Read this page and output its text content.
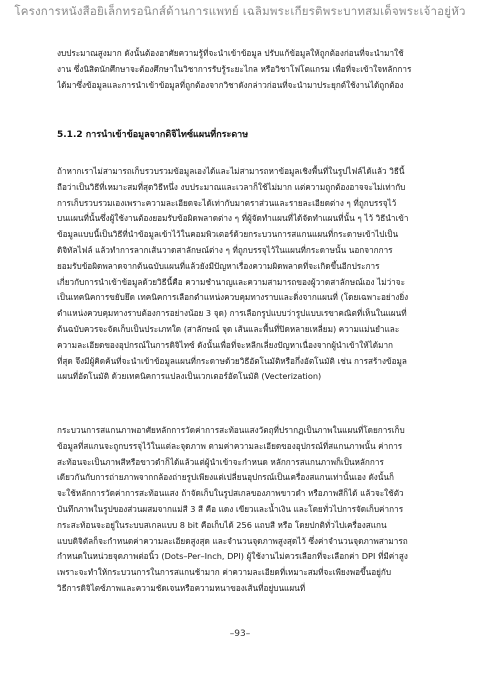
โครงการหนังสือยิเล็กทรอนิกส์ด้านการแพทย์ เฉลิมพระเกียรติพระบาทสมเด็จพระเจ้าอยู่หัว
งบประมาณสูงมาก ดังนั้นต้องอาศัยความรู้ที่จะนำเข้าข้อมูล ปรับแก้ข้อมูลให้ถูกต้องก่อนที่จะนำมาใช้
งาน ซึ่งนิสิตนักศึกษาจะต้องศึกษาในวิชาการรับรู้ระยะไกล หรือวิชาโฟโตแกรม เพื่อที่จะเข้าใจหลักการ
ได้มาซึ่งข้อมูลและการนำเข้าข้อมูลที่ถูกต้องจากวิชาดังกล่าวก่อนที่จะนำมาประยุกต์ใช้งานได้ถูกต้อง
5.1.2 การนำเข้าข้อมูลจากดิจิไทซ์แผนที่กระดาษ
ถ้าหากเราไม่สามารถเก็บรวบรวมข้อมูลเองได้และไม่สามารถหาข้อมูลเชิงพื้นที่ในรูปไฟล์ได้แล้ว วิธีนี้
ถือว่าเป็นวิธีที่เหมาะสมที่สุดวิธีหนึ่ง งบประมาณและเวลาก็ใช้ไม่มาก แต่ความถูกต้องอาจจะไม่เท่ากับ
การเก็บรวบรวมเองเพราะความละเอียดจะได้เท่ากับมาตราส่วนและรายละเอียดต่าง ๆ ที่ถูกบรรจุไว้
บนแผนที่นั้นซึ่งผู้ใช้งานต้องยอมรับข้อผิดพลาดต่าง ๆ ที่ผู้จัดทำแผนที่ได้จัดทำแผนที่นั้น ๆ ไว้ วิธีนำเข้า
ข้อมูลแบบนี้เป็นวิธีที่นำข้อมูลเข้าไว้ในคอมพิวเตอร์ด้วยกระบวนการสแกนแผนที่กระดาษเข้าไปเป็น
ดิจิทัลไฟล์ แล้วทำการลากเส้นวาดสาลักษณ์ต่าง ๆ ที่ถูกบรรจุไว้ในแผนที่กระดาษนั้น นอกจากการ
ยอมรับข้อผิดพลาดจากต้นฉบับแผนที่แล้วยังมีปัญหาเรื่องความผิดพลาดที่จะเกิดขึ้นอีกประการ
เกี่ยวกับการนำเข้าข้อมูลด้วยวิธีนี้คือ ความชำนาญและความสามารถของผู้วาดสาลักษณ์เอง ไม่ว่าจะ
เป็นเทคนิคการขยับยึด เทคนิคการเลือกตำแหน่งควบคุมทางราบและดิ่งจากแผนที่ (โดยเฉพาะอย่างยิ่ง
ตำแหน่งควบคุมทางราบต้องการอย่างน้อย 3 จุด) การเลือกรูปแบบว่ารูปแบบเรขาคณิตที่เห็นในแผนที่
ต้นฉบับควรจะจัดเก็บเป็นประเภทใด (สาลักษณ์ จุด เส้นและพื้นที่ปิดหลายเหลี่ยม) ความแม่นยำและ
ความละเอียดของอุปกรณ์ในการดิจิไทซ์ ดังนั้นเพื่อที่จะหลีกเลี่ยงปัญหาเนื่องจากผู้นำเข้าให้ได้มาก
ที่สุด จึงมีผู้คิดค้นที่จะนำเข้าข้อมูลแผนที่กระดาษด้วยวิธีอัตโนมัติหรือกึ่งอัตโนมัติ เช่น การสร้างข้อมูล
แผนที่อัตโนมัติ ด้วยเทคนิคการแปลงเป็นเวกเตอร์อัตโนมัติ (Vecterization)
กระบวนการสแกนภาพอาศัยหลักการวัดค่าการสะท้อนแสงวัตถุที่ปรากฏเป็นภาพในแผนที่โดยการเก็บ
ข้อมูลที่สแกนจะถูกบรรจุไว้ในแต่ละจุดภาพ ตามค่าความละเอียดของอุปกรณ์ที่สแกนภาพนั้น ค่าการ
สะท้อนจะเป็นภาพสีหรือขาวดำก็ได้แล้วแต่ผู้นำเข้าจะกำหนด หลักการสแกนภาพก็เป็นหลักการ
เดียวกันกับการถ่ายภาพจากกล้องถ่ายรูปเพียงแต่เปลี่ยนอุปกรณ์เป็นเครื่องสแกนเท่านั้นเอง ดังนั้นก็
จะใช้หลักการวัดค่าการสะท้อนแสง ถ้าจัดเก็บในรูปสเกลของภาพขาวดำ หรือภาพสีก็ได้ แล้วจะใช้ตัว
บันทึกภาพในรูปของส่วนผสมจากแม่สี 3 สี คือ แดง เขียวและน้ำเงิน และโดยทั่วไปการจัดเก็บค่าการ
กระสะท้อนจะอยู่ในระบบสเกลแบบ 8 bit คือเก็บได้ 256 แถบสี หรือ โดยปกติทั่วไปเครื่องสแกน
แบบดิจิตัลก็จะกำหนดค่าความละเอียดสูงสุด และจำนวนจุดภาพสูงสุดไว้ ซึ่งค่าจำนวนจุดภาพสามารถ
กำหนดในหน่วยจุดภาพต่อนิ้ว (Dots–Per–Inch, DPI) ผู้ใช้งานไม่ควรเลือกที่จะเลือกค่า DPI ที่มีค่าสูง
เพราะจะทำให้กระบวนการในการสแกนช้ามาก ค่าความละเอียดที่เหมาะสมที่จะเพียงพอขึ้นอยู่กับ
วิธีการดิจิไตซ์ภาพและความชัดเจนหรือความหนาของเส้นที่อยู่บนแผนที่
–93–
